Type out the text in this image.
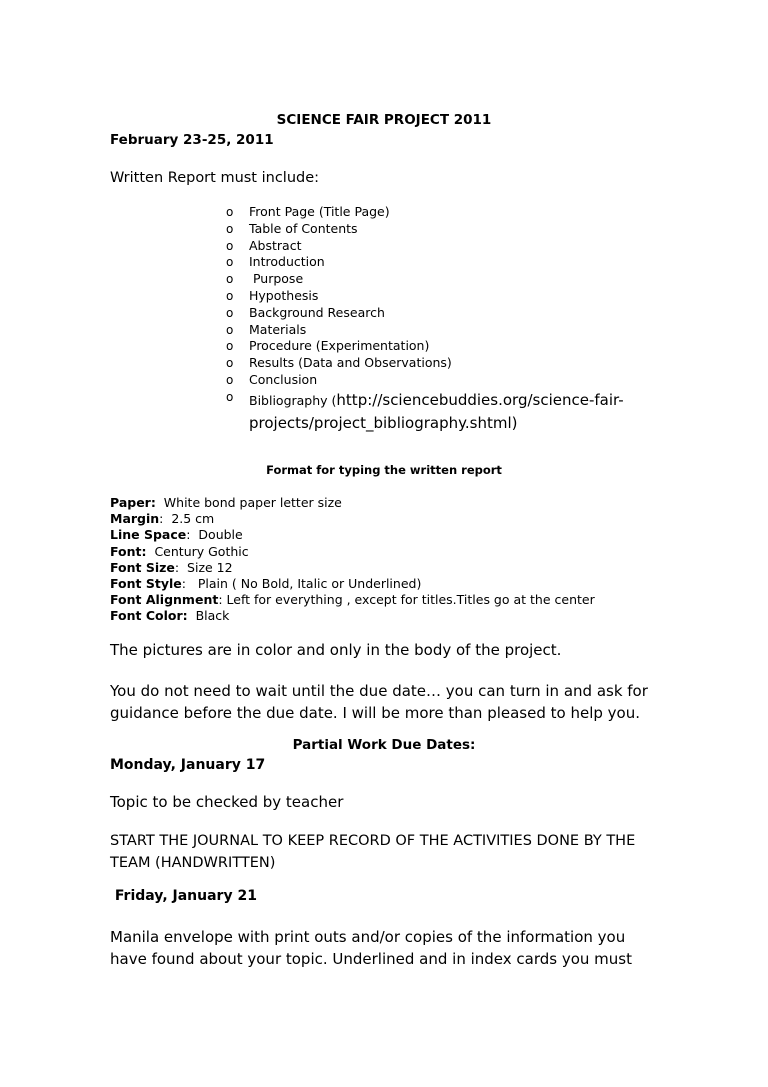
SCIENCE FAIR PROJECT 2011
February 23-25, 2011
Written Report must include:
o Front Page (Title Page)
o Table of Contents
o Abstract
o Introduction
o Purpose
o Hypothesis
o Background Research
o Materials
o Procedure (Experimentation)
o Results (Data and Observations)
o Conclusion
o Bibliography (http://sciencebuddies.org/science-fair-projects/project_bibliography.shtml)
Format for typing the written report
Paper:  White bond paper letter size
Margin:  2.5 cm
Line Space:  Double
Font:  Century Gothic
Font Size:  Size 12
Font Style:   Plain ( No Bold, Italic or Underlined)
Font Alignment: Left for everything , except for titles.Titles go at the center
Font Color:  Black
The pictures are in color and only in the body of the project.
You do not need to wait until the due date… you can turn in and ask for
guidance before the due date. I will be more than pleased to help you.
Partial Work Due Dates:
Monday, January 17
Topic to be checked by teacher
START THE JOURNAL TO KEEP RECORD OF THE ACTIVITIES DONE BY THE
TEAM (HANDWRITTEN)
Friday, January 21
Manila envelope with print outs and/or copies of the information you
have found about your topic. Underlined and in index cards you must
